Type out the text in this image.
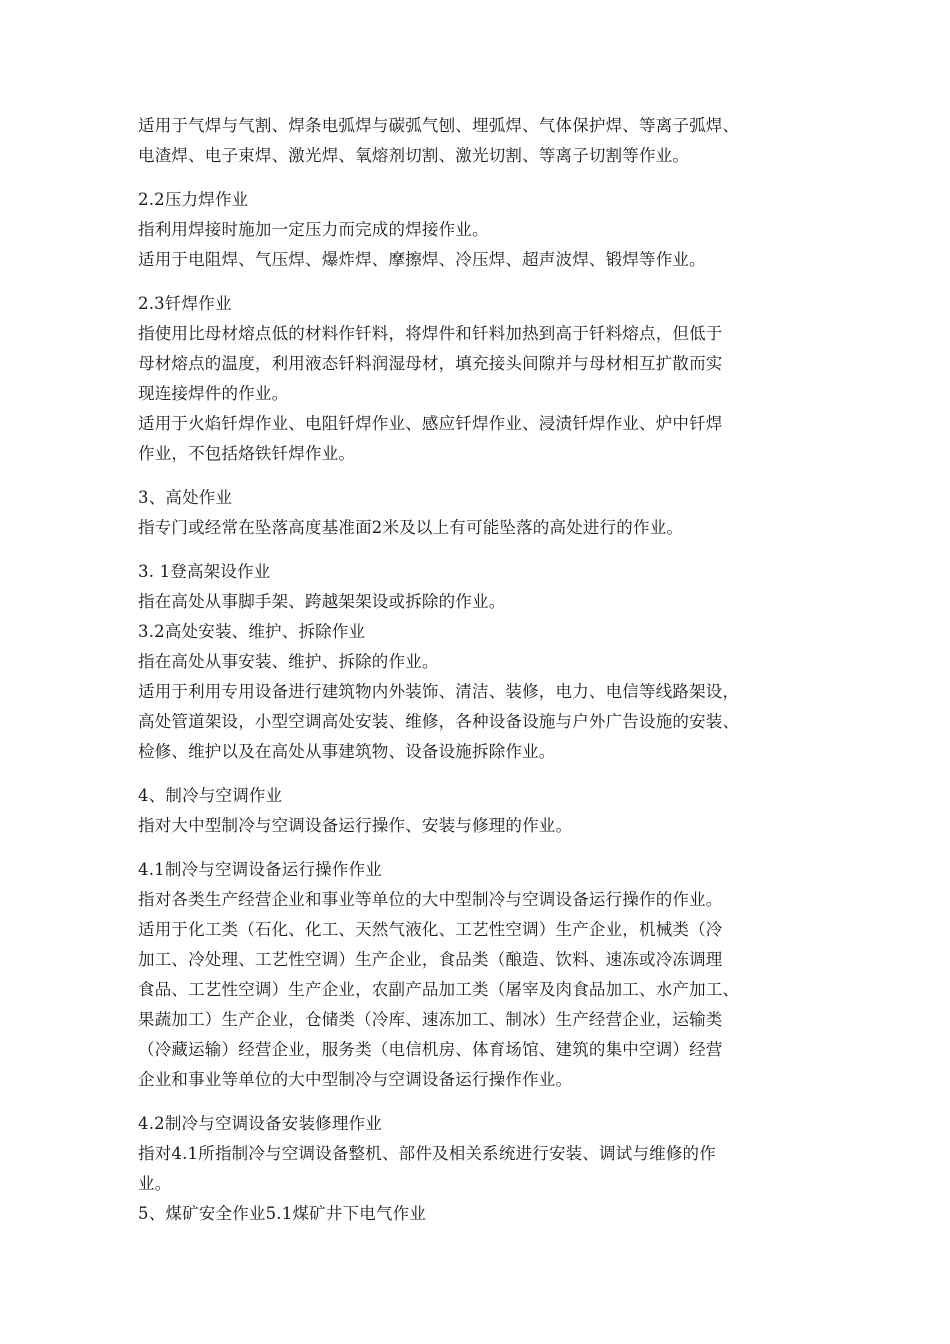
适用于气焊与气割、焊条电弧焊与碳弧气刨、埋弧焊、气体保护焊、等离子弧焊、
电渣焊、电子束焊、激光焊、氧熔剂切割、激光切割、等离子切割等作业。
2.2压力焊作业
指利用焊接时施加一定压力而完成的焊接作业。
适用于电阻焊、气压焊、爆炸焊、摩擦焊、冷压焊、超声波焊、锻焊等作业。
2.3钎焊作业
指使用比母材熔点低的材料作钎料，将焊件和钎料加热到高于钎料熔点，但低于
母材熔点的温度，利用液态钎料润湿母材，填充接头间隙并与母材相互扩散而实
现连接焊件的作业。
适用于火焰钎焊作业、电阻钎焊作业、感应钎焊作业、浸渍钎焊作业、炉中钎焊
作业，不包括烙铁钎焊作业。
3、高处作业
指专门或经常在坠落高度基准面2米及以上有可能坠落的高处进行的作业。
3. 1登高架设作业
指在高处从事脚手架、跨越架架设或拆除的作业。
3.2高处安装、维护、拆除作业
指在高处从事安装、维护、拆除的作业。
适用于利用专用设备进行建筑物内外装饰、清洁、装修，电力、电信等线路架设，
高处管道架设，小型空调高处安装、维修，各种设备设施与户外广告设施的安装、
检修、维护以及在高处从事建筑物、设备设施拆除作业。
4、制冷与空调作业
指对大中型制冷与空调设备运行操作、安装与修理的作业。
4.1制冷与空调设备运行操作作业
指对各类生产经营企业和事业等单位的大中型制冷与空调设备运行操作的作业。
适用于化工类（石化、化工、天然气液化、工艺性空调）生产企业，机械类（冷
加工、冷处理、工艺性空调）生产企业，食品类（酿造、饮料、速冻或冷冻调理
食品、工艺性空调）生产企业，农副产品加工类（屠宰及肉食品加工、水产加工、
果蔬加工）生产企业，仓储类（冷库、速冻加工、制冰）生产经营企业，运输类
（冷藏运输）经营企业，服务类（电信机房、体育场馆、建筑的集中空调）经营
企业和事业等单位的大中型制冷与空调设备运行操作作业。
4.2制冷与空调设备安装修理作业
指对4.1所指制冷与空调设备整机、部件及相关系统进行安装、调试与维修的作
业。
5、煤矿安全作业5.1煤矿井下电气作业
